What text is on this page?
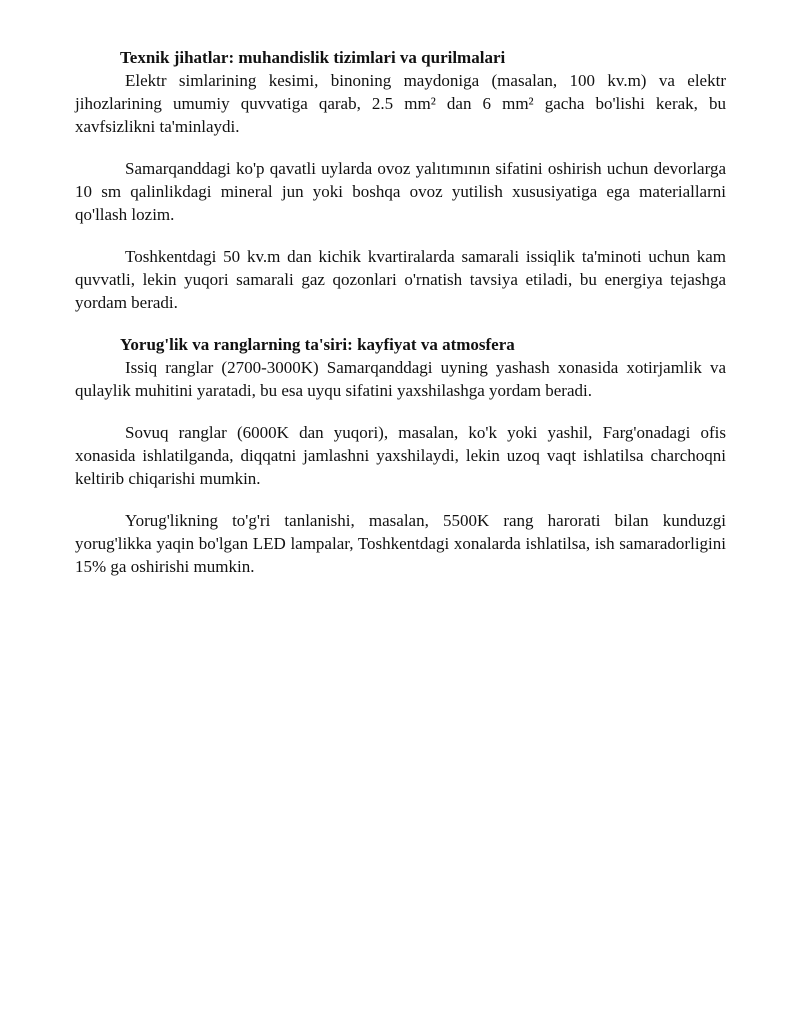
Texnik jihatlar: muhandislik tizimlari va qurilmalari

Elektr simlarining kesimi, binoning maydoniga (masalan, 100 kv.m) va elektr jihozlarining umumiy quvvatiga qarab, 2.5 mm² dan 6 mm² gacha bo'lishi kerak, bu xavfsizlikni ta'minlaydi.

Samarqanddagi ko'p qavatli uylarda ovoz yalıtımının sifatini oshirish uchun devorlarga 10 sm qalinlikdagi mineral jun yoki boshqa ovoz yutilish xususiyatiga ega materiallarni qo'llash lozim.

Toshkentdagi 50 kv.m dan kichik kvartiralarda samarali issiqlik ta'minoti uchun kam quvvatli, lekin yuqori samarali gaz qozonlari o'rnatish tavsiya etiladi, bu energiya tejashga yordam beradi.

Yorug'lik va ranglarning ta'siri: kayfiyat va atmosfera

Issiq ranglar (2700-3000K) Samarqanddagi uyning yashash xonasida xotirjamlik va qulaylik muhitini yaratadi, bu esa uyqu sifatini yaxshilashga yordam beradi.

Sovuq ranglar (6000K dan yuqori), masalan, ko'k yoki yashil, Farg'onadagi ofis xonasida ishlatilganda, diqqatni jamlashni yaxshilaydi, lekin uzoq vaqt ishlatilsa charchoqni keltirib chiqarishi mumkin.

Yorug'likning to'g'ri tanlanishi, masalan, 5500K rang harorati bilan kunduzgi yorug'likka yaqin bo'lgan LED lampalar, Toshkentdagi xonalarda ishlatilsa, ish samaradorligini 15% ga oshirishi mumkin.
